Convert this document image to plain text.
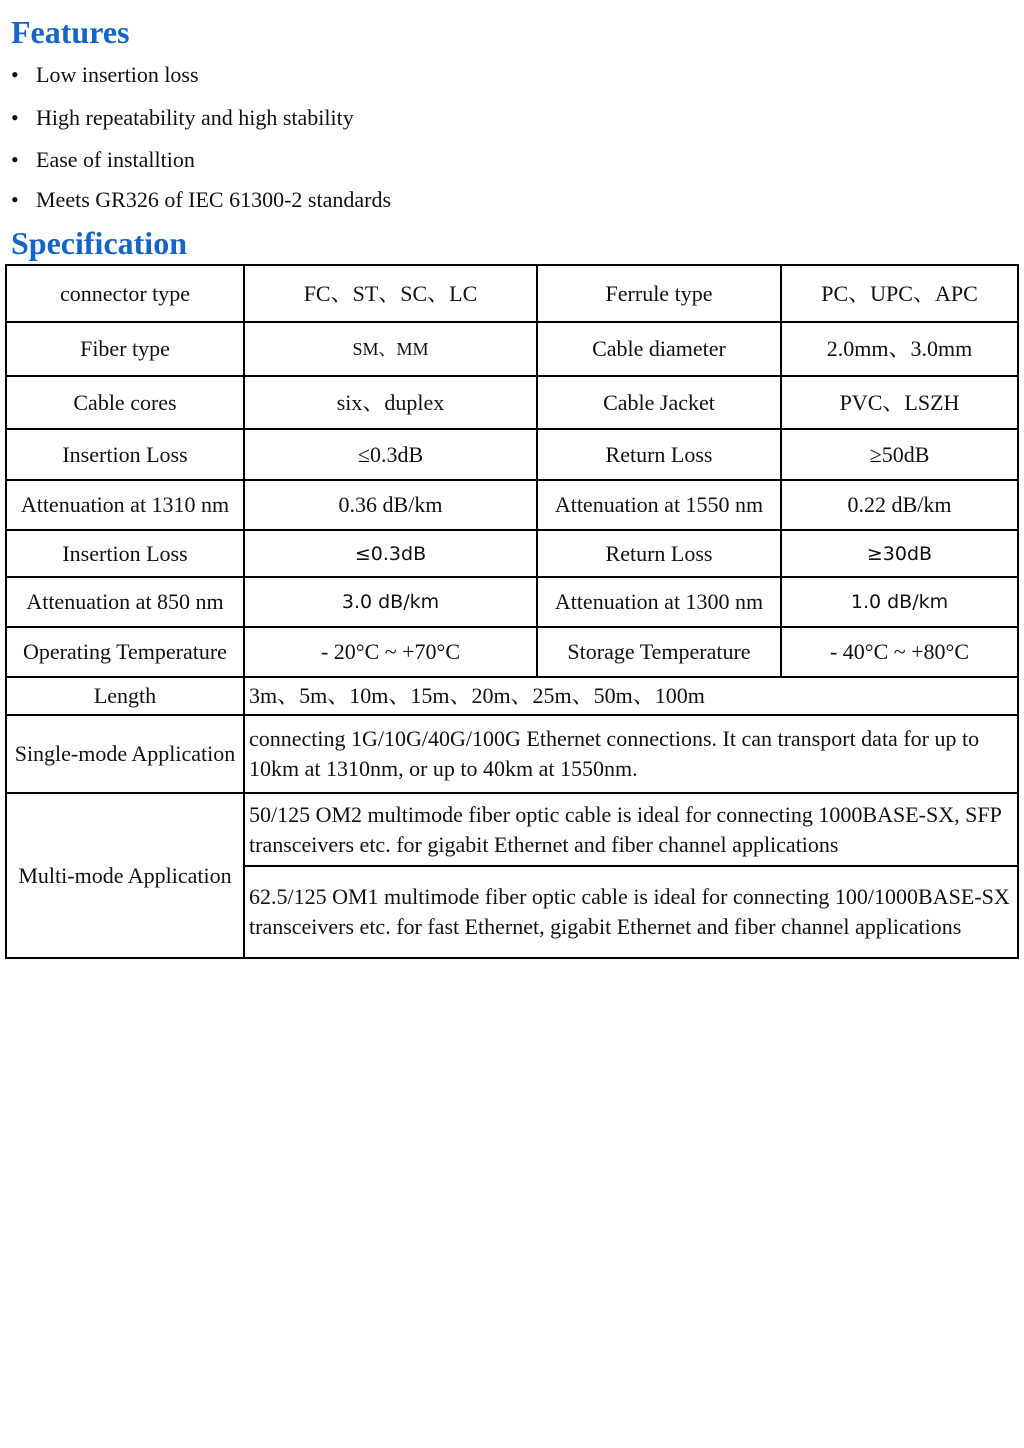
Features
• Low insertion loss
• High repeatability and high stability
• Ease of installtion
• Meets GR326 of IEC 61300-2 standards
Specification
connector type	FC、ST、SC、LC	Ferrule type	PC、UPC、APC
Fiber type	SM、MM	Cable diameter	2.0mm、3.0mm
Cable cores	six、duplex	Cable Jacket	PVC、LSZH
Insertion Loss	≤0.3dB	Return Loss	≥50dB
Attenuation at 1310 nm	0.36 dB/km	Attenuation at 1550 nm	0.22 dB/km
Insertion Loss	≤0.3dB	Return Loss	≥30dB
Attenuation at 850 nm	3.0 dB/km	Attenuation at 1300 nm	1.0 dB/km
Operating Temperature	- 20°C ~ +70°C	Storage Temperature	- 40°C ~ +80°C
Length	3m、5m、10m、15m、20m、25m、50m、100m		
Single-mode Application	connecting 1G/10G/40G/100G Ethernet connections. It can transport data for up to 10km at 1310nm, or up to 40km at 1550nm.		
Multi-mode Application	50/125 OM2 multimode fiber optic cable is ideal for connecting 1000BASE-SX, SFP transceivers etc. for gigabit Ethernet and fiber channel applications		
	62.5/125 OM1 multimode fiber optic cable is ideal for connecting 100/1000BASE-SX transceivers etc. for fast Ethernet, gigabit Ethernet and fiber channel applications		
